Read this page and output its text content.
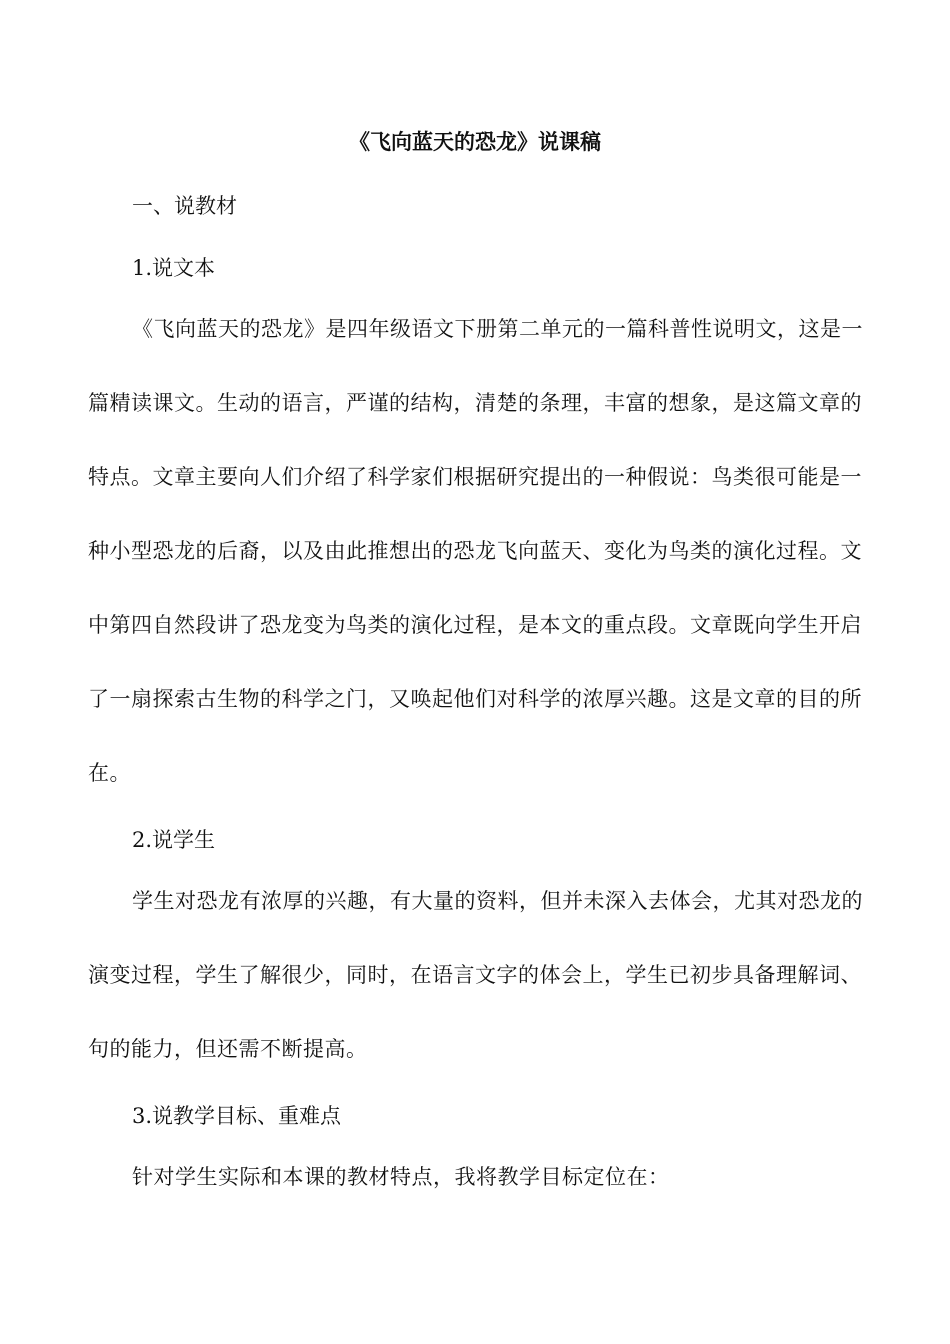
《飞向蓝天的恐龙》说课稿
一、说教材
1.说文本

《飞向蓝天的恐龙》是四年级语文下册第二单元的一篇科普性说明文，这是一篇精读课文。生动的语言，严谨的结构，清楚的条理，丰富的想象，是这篇文章的特点。文章主要向人们介绍了科学家们根据研究提出的一种假说：鸟类很可能是一种小型恐龙的后裔，以及由此推想出的恐龙飞向蓝天、变化为鸟类的演化过程。文中第四自然段讲了恐龙变为鸟类的演化过程，是本文的重点段。文章既向学生开启了一扇探索古生物的科学之门，又唤起他们对科学的浓厚兴趣。这是文章的目的所在。

2.说学生

学生对恐龙有浓厚的兴趣，有大量的资料，但并未深入去体会，尤其对恐龙的演变过程，学生了解很少，同时，在语言文字的体会上，学生已初步具备理解词、句的能力，但还需不断提高。

3.说教学目标、重难点

针对学生实际和本课的教材特点，我将教学目标定位在：
